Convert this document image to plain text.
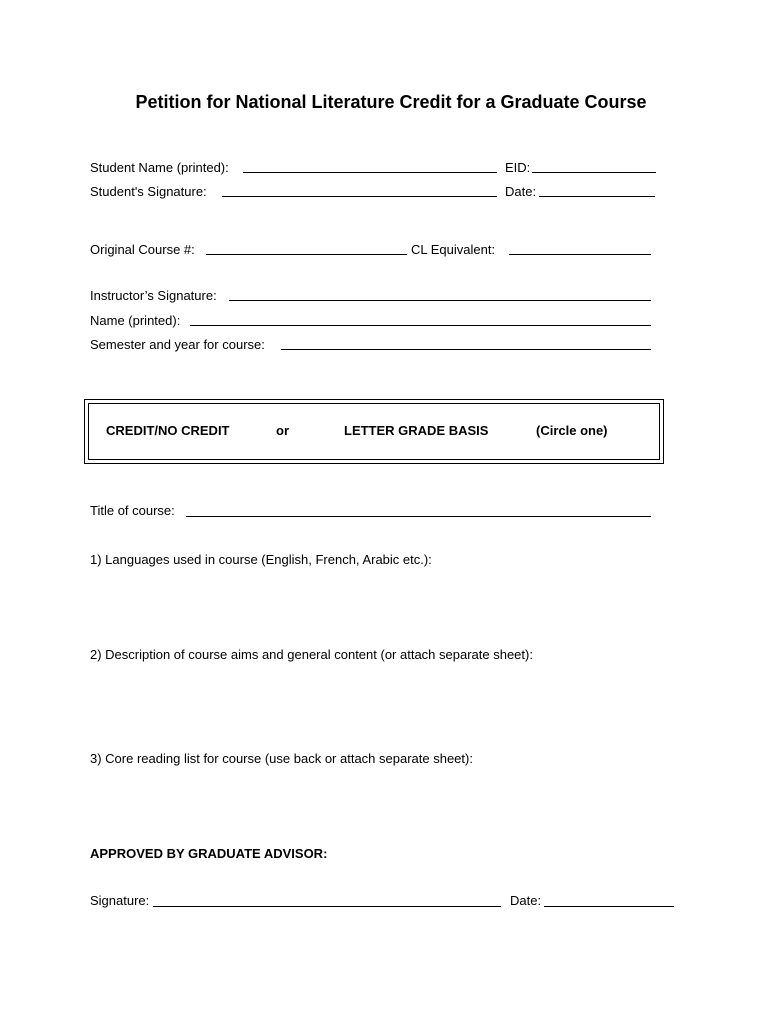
Petition for National Literature Credit for a Graduate Course
Student Name (printed):	EID:
Student's Signature:	Date:
Original Course #:	CL Equivalent:
Instructor’s Signature:
Name (printed):
Semester and year for course:
CREDIT/NO CREDIT	or	LETTER GRADE BASIS	(Circle one)
Title of course:
1) Languages used in course (English, French, Arabic etc.):
2) Description of course aims and general content (or attach separate sheet):
3) Core reading list for course (use back or attach separate sheet):
APPROVED BY GRADUATE ADVISOR:
Signature:	Date:
